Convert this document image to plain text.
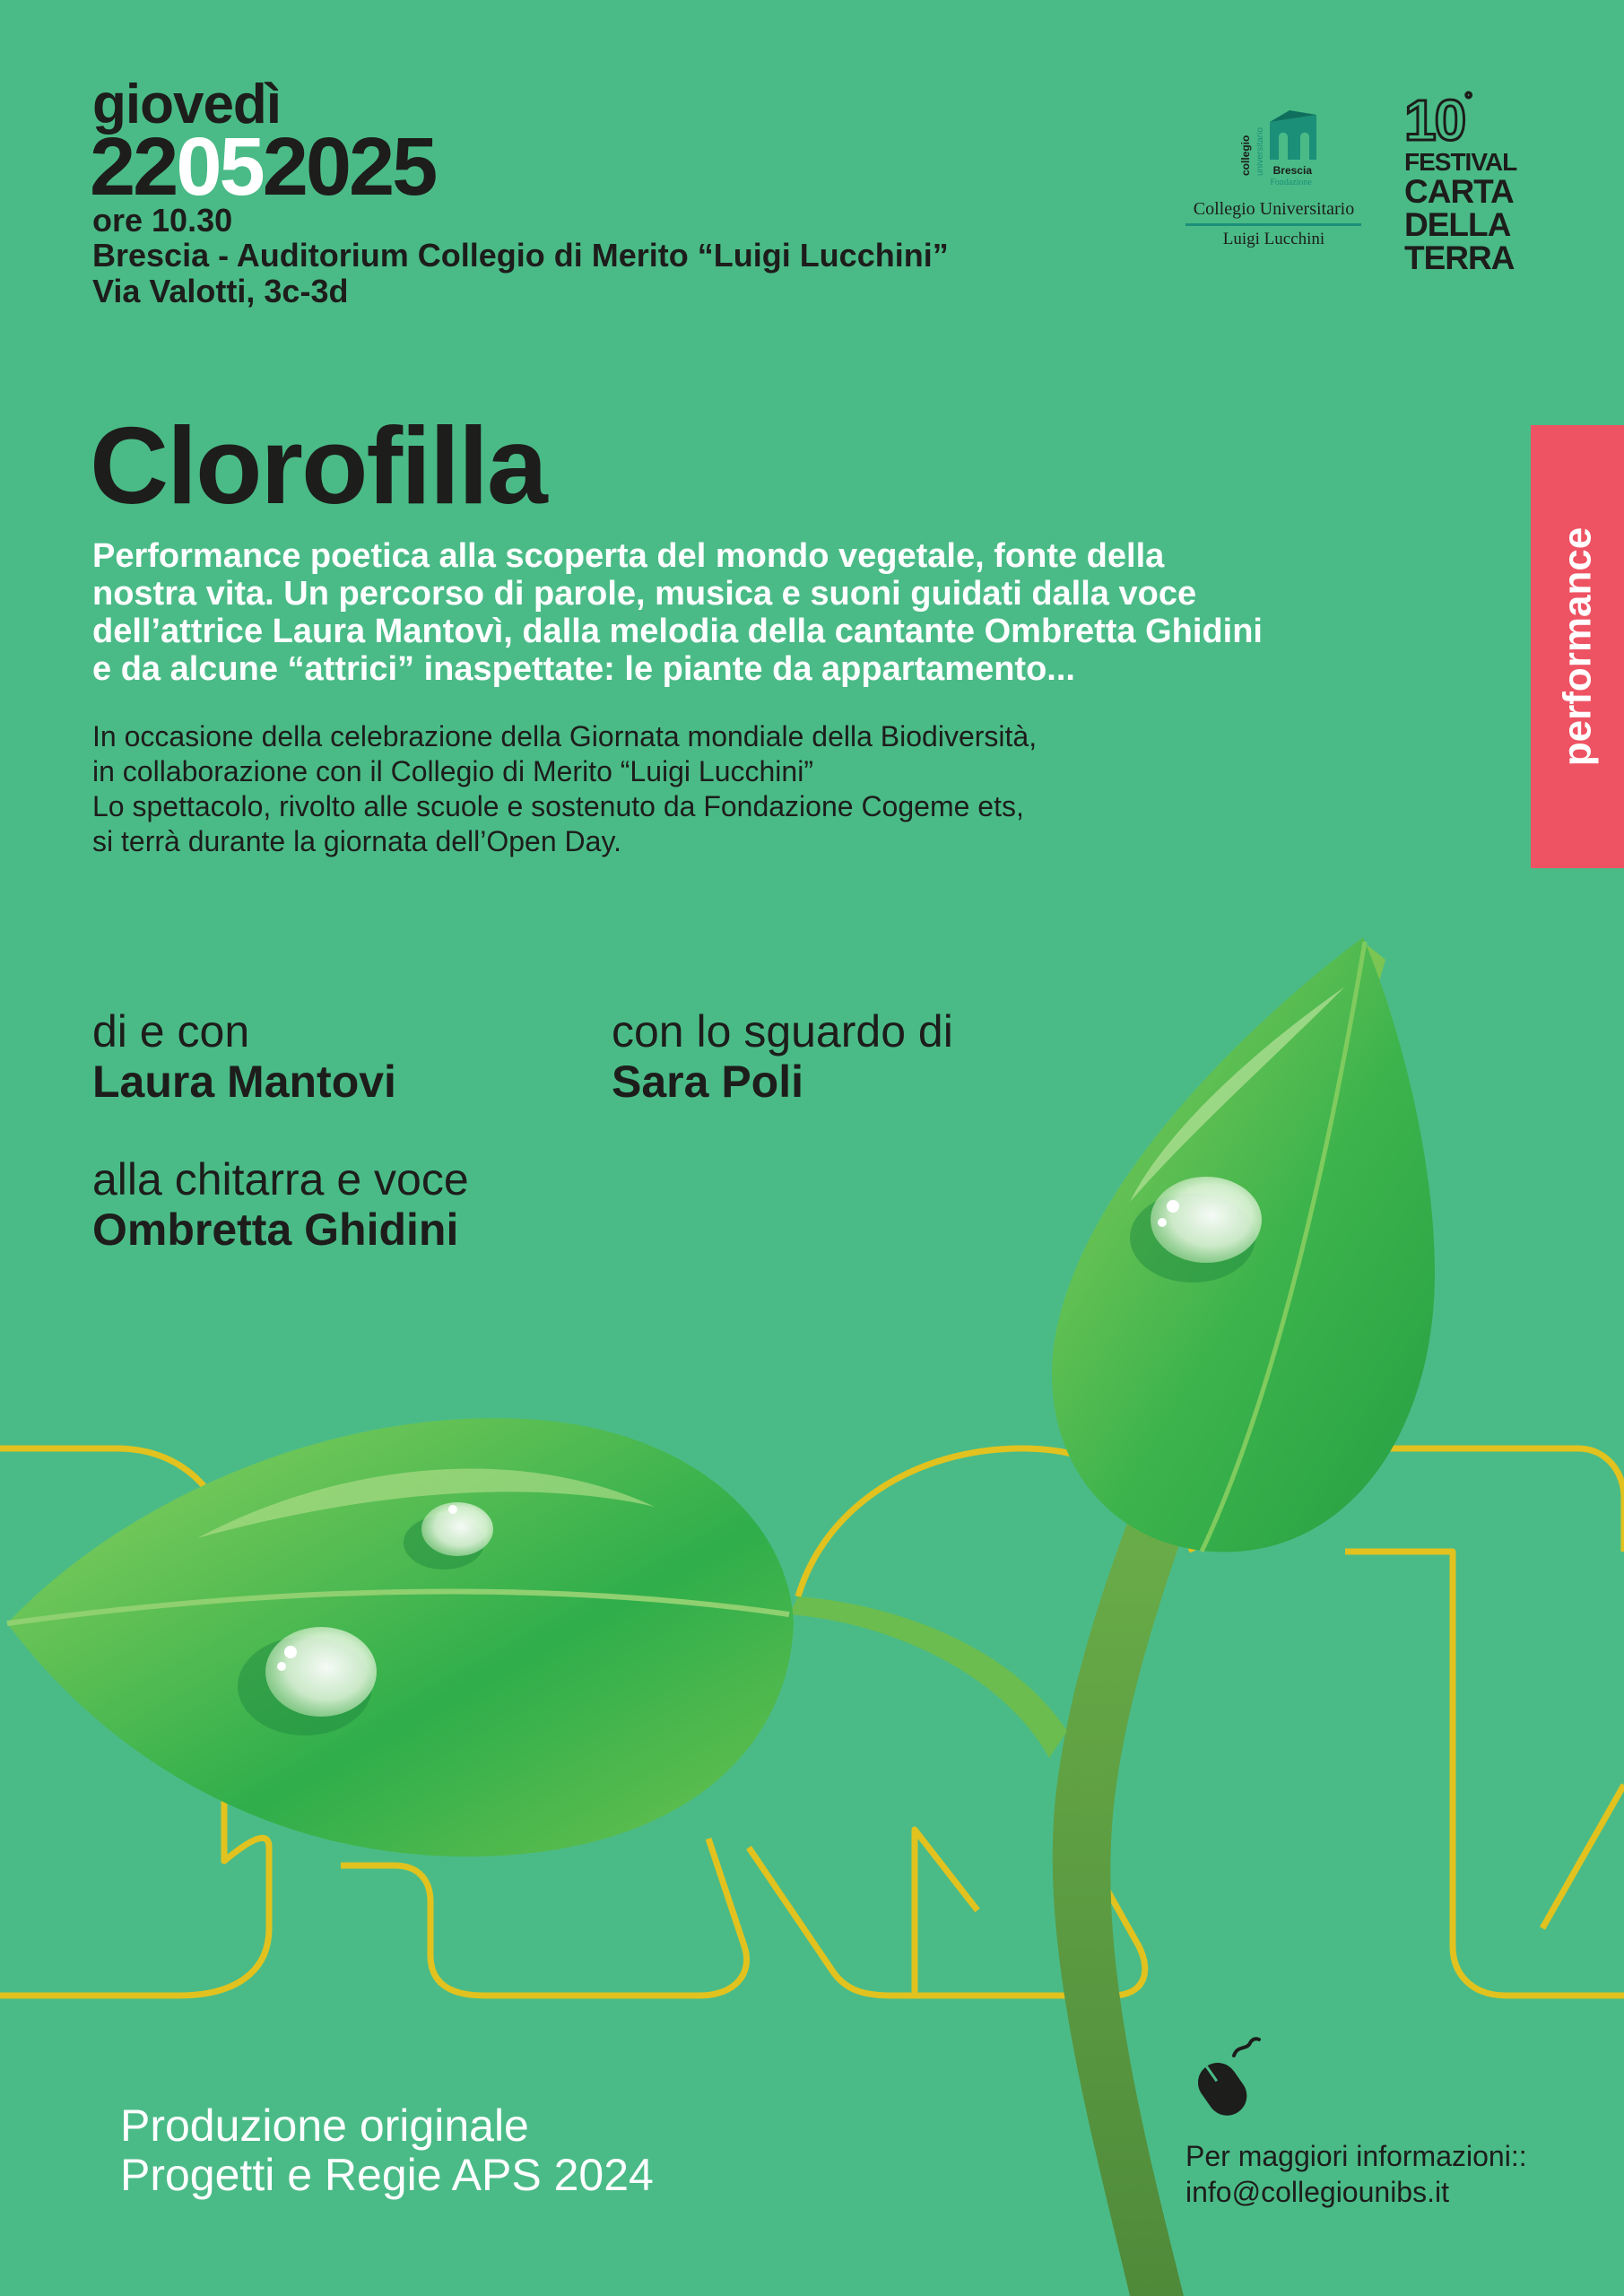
giovedì
22052025
ore 10.30
Brescia - Auditorium Collegio di Merito “Luigi Lucchini”
Via Valotti, 3c-3d
collegio universitario Brescia
Fondazione
Collegio Universitario
Luigi Lucchini
10°
FESTIVAL
CARTA
DELLA
TERRA
performance
Clorofilla
Performance poetica alla scoperta del mondo vegetale, fonte della
nostra vita. Un percorso di parole, musica e suoni guidati dalla voce
dell’attrice Laura Mantovì, dalla melodia della cantante Ombretta Ghidini
e da alcune “attrici” inaspettate: le piante da appartamento...
In occasione della celebrazione della Giornata mondiale della Biodiversità,
in collaborazione con il Collegio di Merito “Luigi Lucchini”
Lo spettacolo, rivolto alle scuole e sostenuto da Fondazione Cogeme ets,
si terrà durante la giornata dell’Open Day.
di e con
Laura Mantovi
con lo sguardo di
Sara Poli
alla chitarra e voce
Ombretta Ghidini
Produzione originale
Progetti e Regie APS 2024	Per maggiori informazioni::
info@collegiounibs.it
